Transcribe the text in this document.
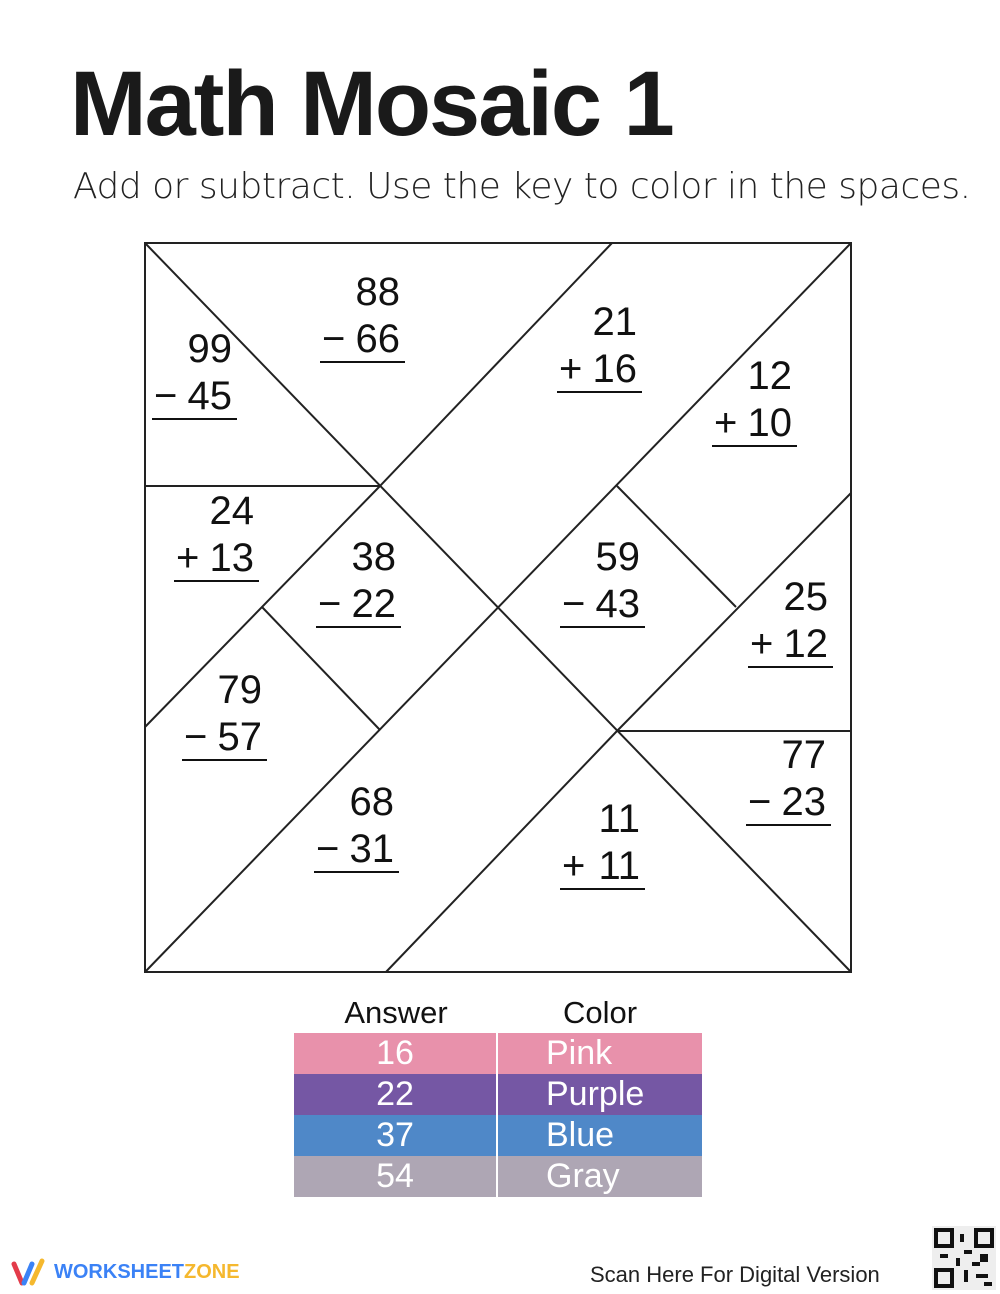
Math Mosaic 1
Add or subtract. Use the key to color in the spaces.
88
− 66
99
− 45
21
+ 16	12
+ 10
24
+ 13 38
− 22
59
− 43	25
+ 12
79
− 57	77
− 23
68
− 31
11
+ 11
Answer	Color
16	Pink
22	Purple
37	Blue
54	Gray
WORKSHEETZONE	Scan Here For Digital Version
